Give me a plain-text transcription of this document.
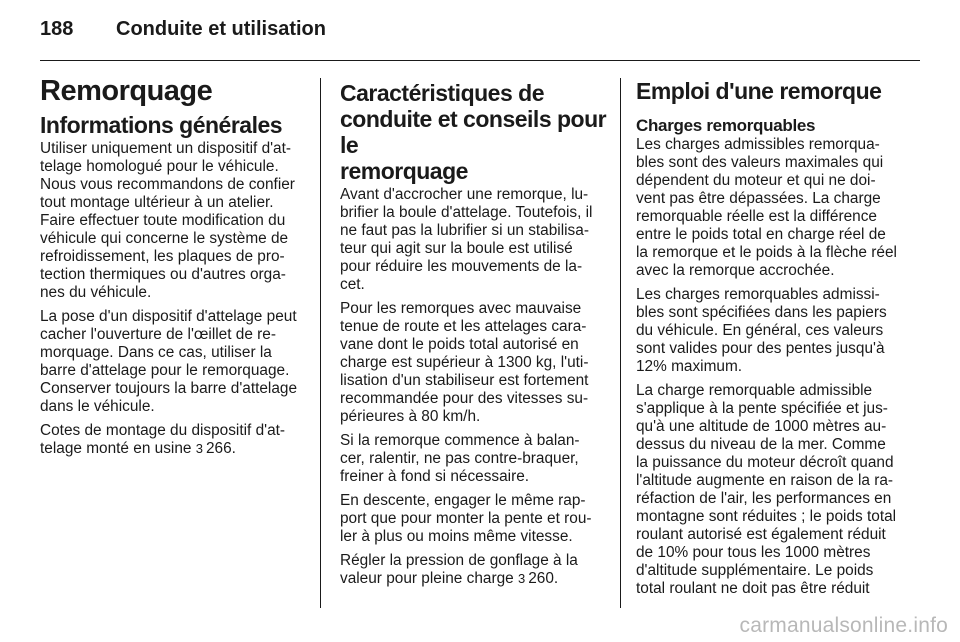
188	Conduite et utilisation
Remorquage
Informations générales

Utiliser uniquement un dispositif d'at-
telage homologué pour le véhicule.
Nous vous recommandons de confier
tout montage ultérieur à un atelier.
Faire effectuer toute modification du
véhicule qui concerne le système de
refroidissement, les plaques de pro-
tection thermiques ou d'autres orga-
nes du véhicule.

La pose d'un dispositif d'attelage peut
cacher l'ouverture de l'œillet de re-
morquage. Dans ce cas, utiliser la
barre d'attelage pour le remorquage.
Conserver toujours la barre d'attelage
dans le véhicule.

Cotes de montage du dispositif d'at-
telage monté en usine 3 266.

Caractéristiques de
conduite et conseils pour le
remorquage

Avant d'accrocher une remorque, lu-
brifier la boule d'attelage. Toutefois, il
ne faut pas la lubrifier si un stabilisa-
teur qui agit sur la boule est utilisé
pour réduire les mouvements de la-
cet.

Pour les remorques avec mauvaise
tenue de route et les attelages cara-
vane dont le poids total autorisé en
charge est supérieur à 1300 kg, l'uti-
lisation d'un stabiliseur est fortement
recommandée pour des vitesses su-
périeures à 80 km/h.

Si la remorque commence à balan-
cer, ralentir, ne pas contre-braquer,
freiner à fond si nécessaire.

En descente, engager le même rap-
port que pour monter la pente et rou-
ler à plus ou moins même vitesse.

Régler la pression de gonflage à la
valeur pour pleine charge 3 260.

Emploi d'une remorque
Charges remorquables

Les charges admissibles remorqua-
bles sont des valeurs maximales qui
dépendent du moteur et qui ne doi-
vent pas être dépassées. La charge
remorquable réelle est la différence
entre le poids total en charge réel de
la remorque et le poids à la flèche réel
avec la remorque accrochée.

Les charges remorquables admissi-
bles sont spécifiées dans les papiers
du véhicule. En général, ces valeurs
sont valides pour des pentes jusqu'à
12% maximum.

La charge remorquable admissible
s'applique à la pente spécifiée et jus-
qu'à une altitude de 1000 mètres au-
dessus du niveau de la mer. Comme
la puissance du moteur décroît quand
l'altitude augmente en raison de la ra-
réfaction de l'air, les performances en
montagne sont réduites ; le poids total
roulant autorisé est également réduit
de 10% pour tous les 1000 mètres
d'altitude supplémentaire. Le poids
total roulant ne doit pas être réduit

carmanualsonline.info
